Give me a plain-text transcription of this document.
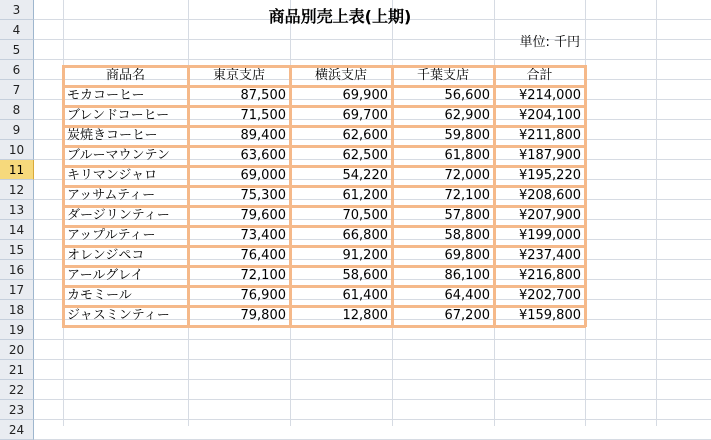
3
4
5
6
7
8
9
10
11
12
13
14
15
16
17
18
19
20
21
22
23
24
商品別売上表(上期)
単位: 千円
商品名	東京支店	横浜支店	千葉支店	合計
モカコーヒー	87,500	69,900	56,600	¥214,000
ブレンドコーヒー	71,500	69,700	62,900	¥204,100
炭焼きコーヒー	89,400	62,600	59,800	¥211,800
ブルーマウンテン	63,600	62,500	61,800	¥187,900
キリマンジャロ	69,000	54,220	72,000	¥195,220
アッサムティー	75,300	61,200	72,100	¥208,600
ダージリンティー	79,600	70,500	57,800	¥207,900
アップルティー	73,400	66,800	58,800	¥199,000
オレンジペコ	76,400	91,200	69,800	¥237,400
アールグレイ	72,100	58,600	86,100	¥216,800
カモミール	76,900	61,400	64,400	¥202,700
ジャスミンティー	79,800	12,800	67,200	¥159,800
